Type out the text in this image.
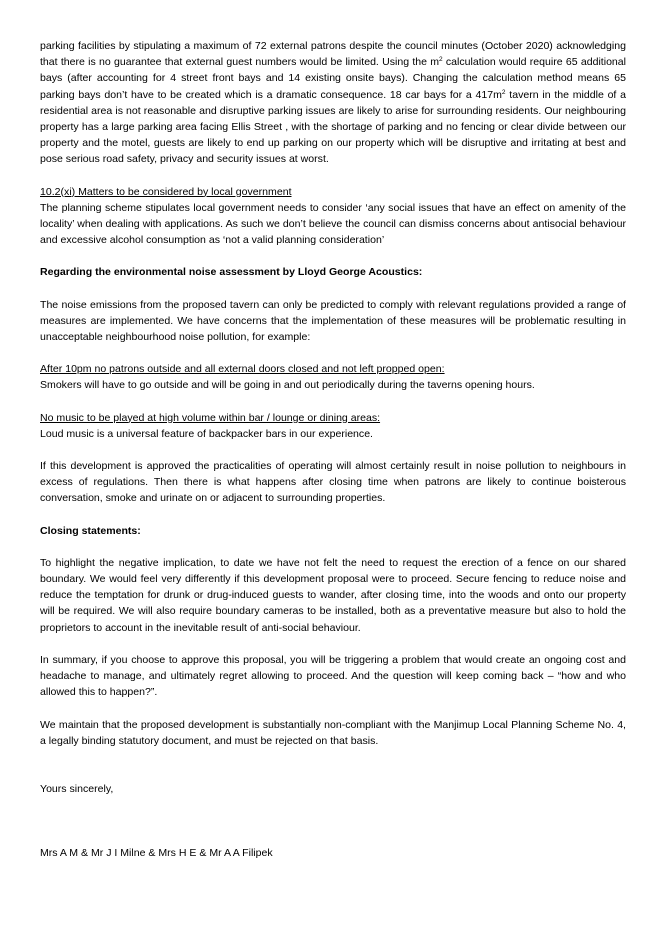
parking facilities by stipulating a maximum of 72 external patrons despite the council minutes (October 2020) acknowledging that there is no guarantee that external guest numbers would be limited. Using the $m^2$ calculation would require 65 additional bays (after accounting for 4 street front bays and 14 existing onsite bays). Changing the calculation method means 65 parking bays don’t have to be created which is a dramatic consequence. 18 car bays for a $417m^2$ tavern in the middle of a residential area is not reasonable and disruptive parking issues are likely to arise for surrounding residents. Our neighbouring property has a large parking area facing Ellis Street , with the shortage of parking and no fencing or clear divide between our property and the motel, guests are likely to end up parking on our property which will be disruptive and irritating at best and pose serious road safety, privacy and security issues at worst.

10.2(xi) Matters to be considered by local government

The planning scheme stipulates local government needs to consider ‘any social issues that have an effect on amenity of the locality’ when dealing with applications. As such we don’t believe the council can dismiss concerns about antisocial behaviour and excessive alcohol consumption as ‘not a valid planning consideration’

Regarding the environmental noise assessment by Lloyd George Acoustics:

The noise emissions from the proposed tavern can only be predicted to comply with relevant regulations provided a range of measures are implemented. We have concerns that the implementation of these measures will be problematic resulting in unacceptable neighbourhood noise pollution, for example:

After 10pm no patrons outside and all external doors closed and not left propped open:

Smokers will have to go outside and will be going in and out periodically during the taverns opening hours.

No music to be played at high volume within bar / lounge or dining areas:

Loud music is a universal feature of backpacker bars in our experience.

If this development is approved the practicalities of operating will almost certainly result in noise pollution to neighbours in excess of regulations. Then there is what happens after closing time when patrons are likely to continue boisterous conversation, smoke and urinate on or adjacent to surrounding properties.

Closing statements:

To highlight the negative implication, to date we have not felt the need to request the erection of a fence on our shared boundary. We would feel very differently if this development proposal were to proceed. Secure fencing to reduce noise and reduce the temptation for drunk or drug-induced guests to wander, after closing time, into the woods and onto our property will be required. We will also require boundary cameras to be installed, both as a preventative measure but also to hold the proprietors to account in the inevitable result of anti-social behaviour.

In summary, if you choose to approve this proposal, you will be triggering a problem that would create an ongoing cost and headache to manage, and ultimately regret allowing to proceed. And the question will keep coming back – “how and who allowed this to happen?”.

We maintain that the proposed development is substantially non-compliant with the Manjimup Local Planning Scheme No. 4, a legally binding statutory document, and must be rejected on that basis.

Yours sincerely,

Mrs A M & Mr J I Milne & Mrs H E & Mr A A Filipek
